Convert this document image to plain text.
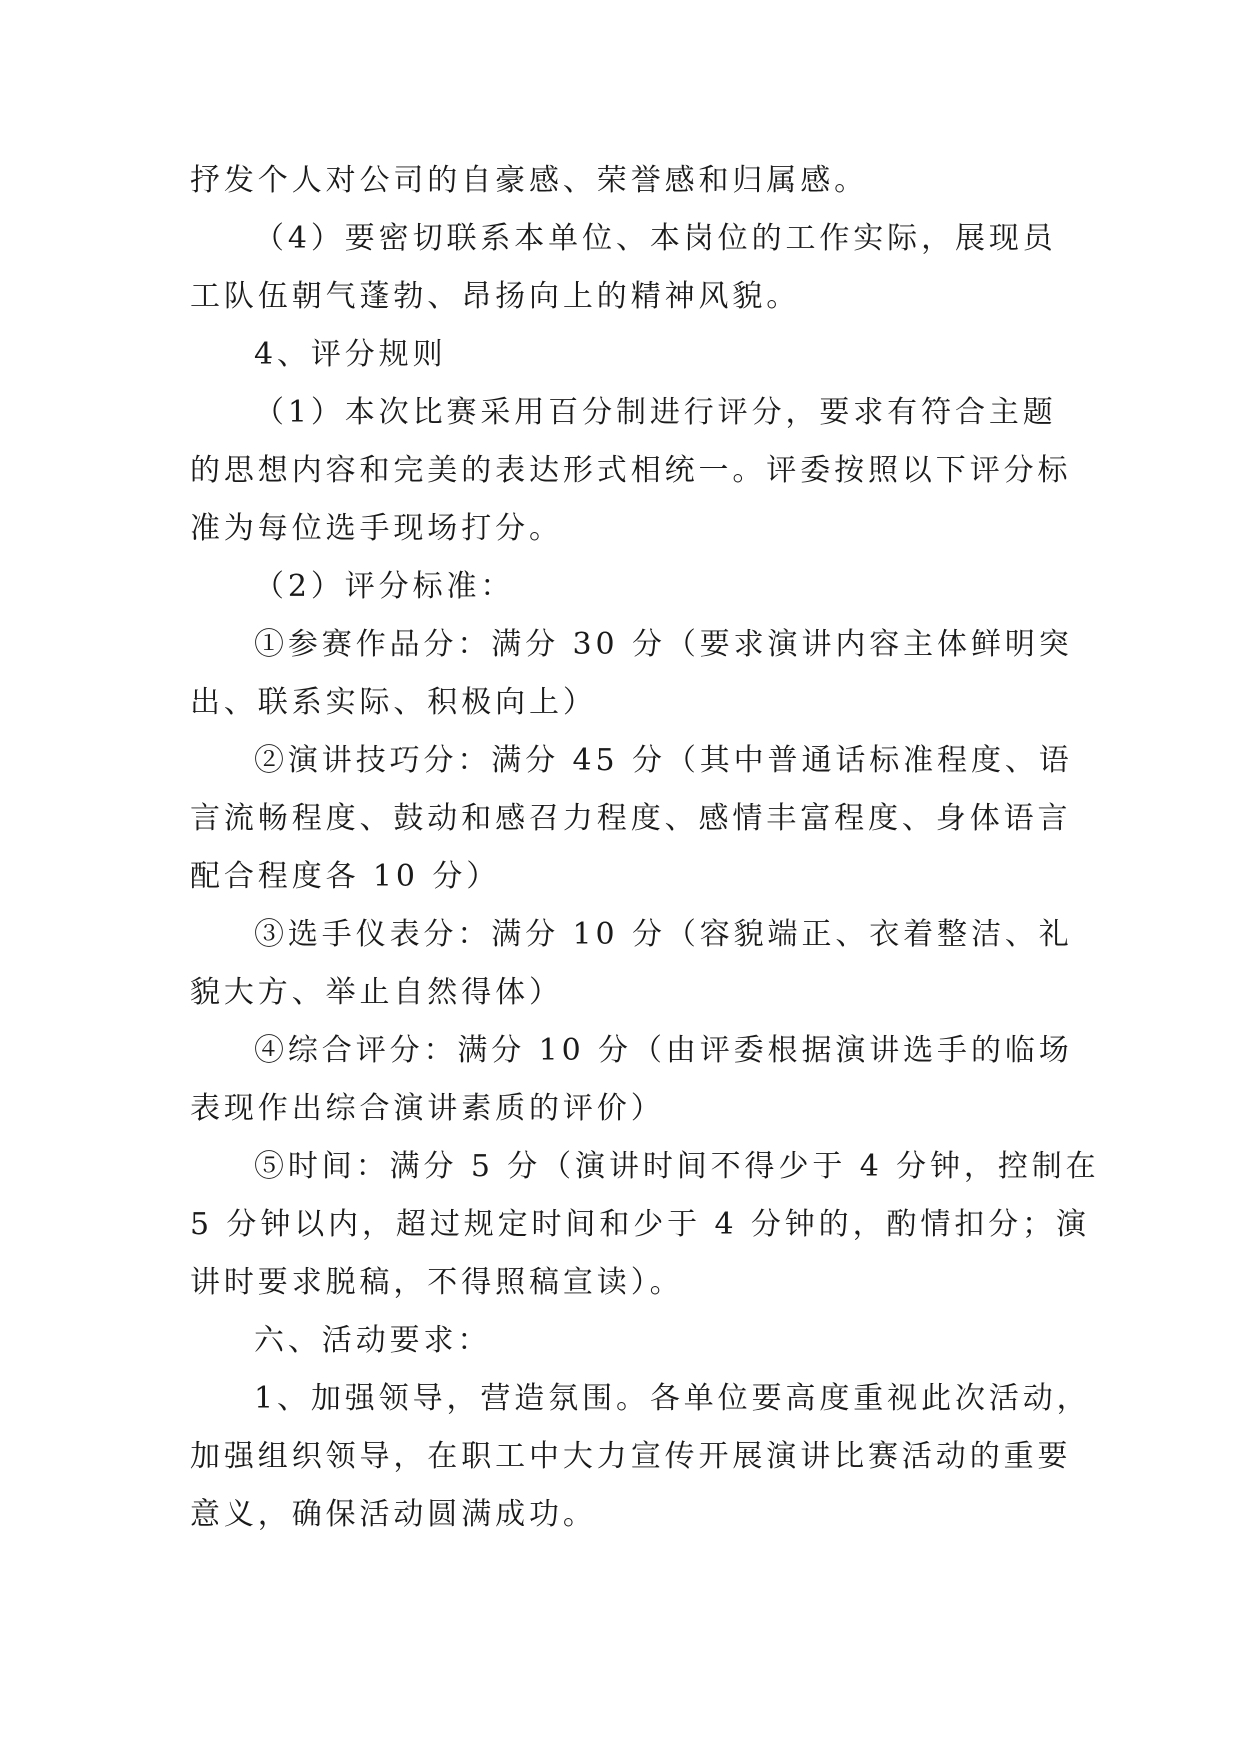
抒发个人对公司的自豪感、荣誉感和归属感。
（4）要密切联系本单位、本岗位的工作实际，展现员
工队伍朝气蓬勃、昂扬向上的精神风貌。
4、评分规则
（1）本次比赛采用百分制进行评分，要求有符合主题
的思想内容和完美的表达形式相统一。评委按照以下评分标
准为每位选手现场打分。
（2）评分标准：
①参赛作品分：满分 30 分（要求演讲内容主体鲜明突
出、联系实际、积极向上）
②演讲技巧分：满分 45 分（其中普通话标准程度、语
言流畅程度、鼓动和感召力程度、感情丰富程度、身体语言
配合程度各 10 分）
③选手仪表分：满分 10 分（容貌端正、衣着整洁、礼
貌大方、举止自然得体）
④综合评分：满分 10 分（由评委根据演讲选手的临场
表现作出综合演讲素质的评价）
⑤时间：满分 5 分（演讲时间不得少于 4 分钟，控制在
5 分钟以内，超过规定时间和少于 4 分钟的，酌情扣分；演
讲时要求脱稿，不得照稿宣读）。
六、活动要求：
1、加强领导，营造氛围。各单位要高度重视此次活动，
加强组织领导，在职工中大力宣传开展演讲比赛活动的重要
意义，确保活动圆满成功。
